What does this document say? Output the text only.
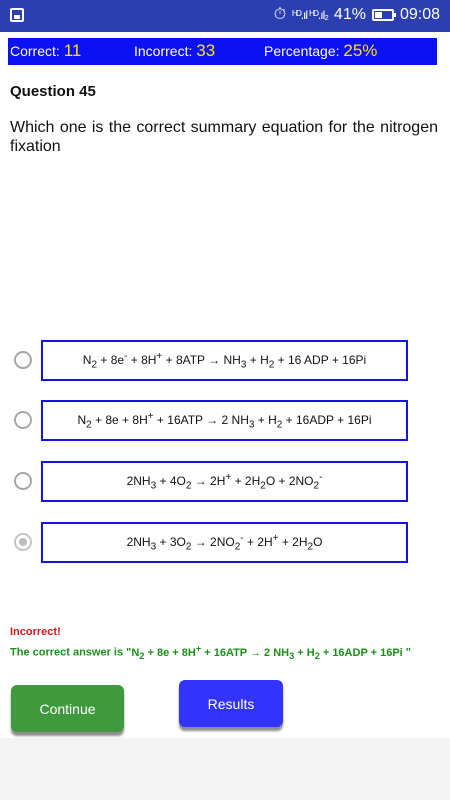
⏱ ᴴᴰ.ıl ᴴᴰ.ıl₂ 41% 09:08
Correct: 11	Incorrect: 33	Percentage: 25%
Question 45
Which one is the correct summary equation for the nitrogen fixation
$N_2 + 8e^- + 8H^+ + 8ATP \to NH_3 + H_2 + 16$ ADP + 16Pi
$N_2 + 8e + 8H^+ + 16ATP \to 2$ $NH_3 + H_2 + 16ADP + 16Pi$
$2NH_3 + 4O_2 \to 2H^+ + 2H_2O + 2NO_2^-$
$2NH_3 + 3O_2 \to 2NO_2^- + 2H^+ + 2H_2O$
Incorrect!
The correct answer is "$N_2 + 8e + 8H^+ + 16ATP \to 2$ $NH_3 + H_2 + 16ADP + 16Pi$ "
Continue	Results
